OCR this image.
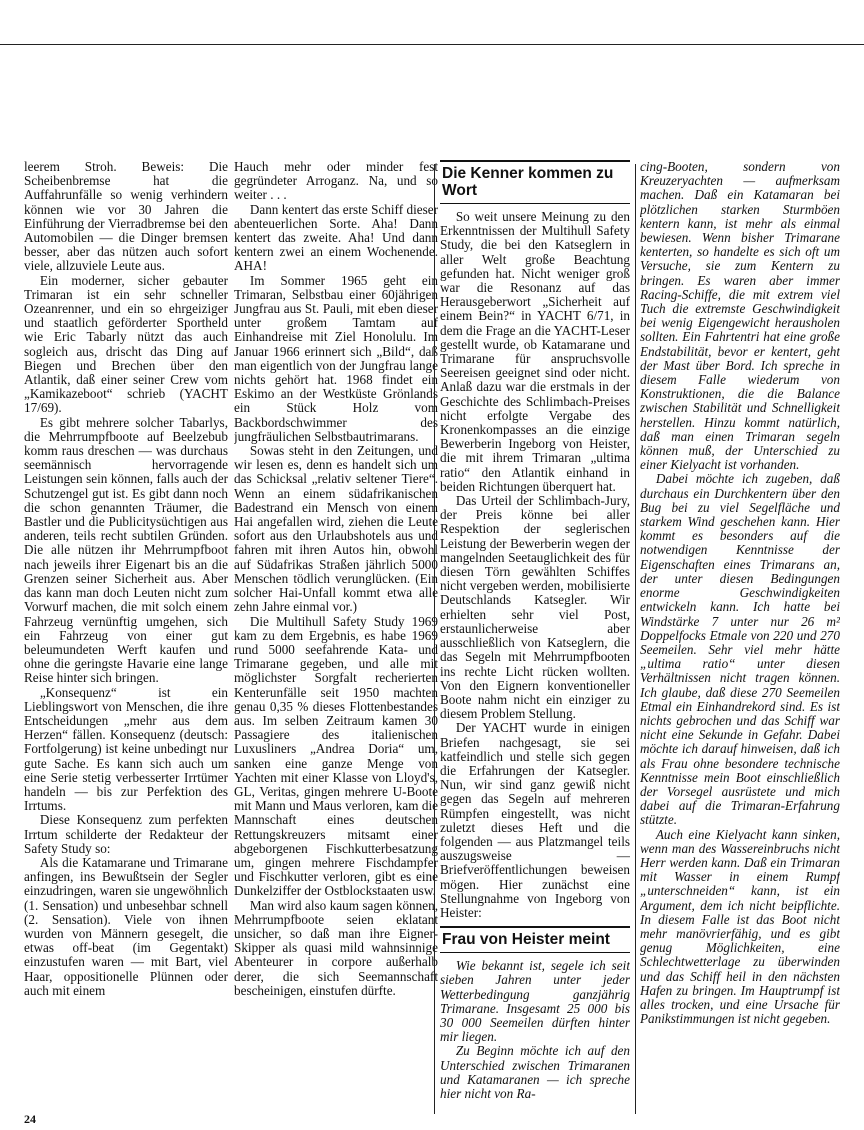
leerem Stroh. Beweis: Die Scheibenbremse hat die Auffahrunfälle so wenig verhindern können wie vor 30 Jahren die Einführung der Vierradbremse bei den Automobilen — die Dinger bremsen besser, aber das nützen auch sofort viele, allzuviele Leute aus.

Ein moderner, sicher gebauter Trimaran ist ein sehr schneller Ozeanrenner, und ein so ehrgeiziger und staatlich geförderter Sportheld wie Eric Tabarly nützt das auch sogleich aus, drischt das Ding auf Biegen und Brechen über den Atlantik, daß einer seiner Crew vom „Kamikazeboot“ schrieb (YACHT 17/69).

Es gibt mehrere solcher Tabarlys, die Mehrrumpfboote auf Beelzebub komm raus dreschen — was durchaus seemännisch hervorragende Leistungen sein können, falls auch der Schutzengel gut ist. Es gibt dann noch die schon genannten Träumer, die Bastler und die Publicitysüchtigen aus anderen, teils recht subtilen Gründen. Die alle nützen ihr Mehrrumpfboot nach jeweils ihrer Eigenart bis an die Grenzen seiner Sicherheit aus. Aber das kann man doch Leuten nicht zum Vorwurf machen, die mit solch einem Fahrzeug vernünftig umgehen, sich ein Fahrzeug von einer gut beleumundeten Werft kaufen und ohne die geringste Havarie eine lange Reise hinter sich bringen.

„Konsequenz“ ist ein Lieblingswort von Menschen, die ihre Entscheidungen „mehr aus dem Herzen“ fällen. Konsequenz (deutsch: Fortfolgerung) ist keine unbedingt nur gute Sache. Es kann sich auch um eine Serie stetig verbesserter Irrtümer handeln — bis zur Perfektion des Irrtums.

Diese Konsequenz zum perfekten Irrtum schilderte der Redakteur der Safety Study so:

Als die Katamarane und Trimarane anfingen, ins Bewußtsein der Segler einzudringen, waren sie ungewöhnlich (1. Sensation) und unbesehbar schnell (2. Sensation). Viele von ihnen wurden von Männern gesegelt, die etwas off-beat (im Gegentakt) einzustufen waren — mit Bart, viel Haar, oppositionelle Plünnen oder auch mit einem

Hauch mehr oder minder fest gegründeter Arroganz. Na, und so weiter . . .

Dann kentert das erste Schiff dieser abenteuerlichen Sorte. Aha! Dann kentert das zweite. Aha! Und dann kentern zwei an einem Wochenende. AHA!

Im Sommer 1965 geht ein Trimaran, Selbstbau einer 60jährigen Jungfrau aus St. Pauli, mit eben dieser unter großem Tamtam auf Einhandreise mit Ziel Honolulu. Im Januar 1966 erinnert sich „Bild“, daß man eigentlich von der Jungfrau lange nichts gehört hat. 1968 findet ein Eskimo an der Westküste Grönlands ein Stück Holz vom Backbordschwimmer des jungfräulichen Selbstbautrimarans.

Sowas steht in den Zeitungen, und wir lesen es, denn es handelt sich um das Schicksal „relativ seltener Tiere“. Wenn an einem südafrikanischen Badestrand ein Mensch von einem Hai angefallen wird, ziehen die Leute sofort aus den Urlaubshotels aus und fahren mit ihren Autos hin, obwohl auf Südafrikas Straßen jährlich 5000 Menschen tödlich verunglücken. (Ein solcher Hai-Unfall kommt etwa alle zehn Jahre einmal vor.)

Die Multihull Safety Study 1969 kam zu dem Ergebnis, es habe 1969 rund 5000 seefahrende Kata- und Trimarane gegeben, und alle mit möglichster Sorgfalt recherierten Kenterunfälle seit 1950 machten genau 0,35 % dieses Flottenbestandes aus. Im selben Zeitraum kamen 30 Passagiere des italienischen Luxusliners „Andrea Doria“ um, sanken eine ganze Menge von Yachten mit einer Klasse von Lloyd's, GL, Veritas, gingen mehrere U-Boote mit Mann und Maus verloren, kam die Mannschaft eines deutschen Rettungskreuzers mitsamt einer abgeborgenen Fischkutterbesatzung um, gingen mehrere Fischdampfer und Fischkutter verloren, gibt es eine Dunkelziffer der Ostblockstaaten usw.

Man wird also kaum sagen können, Mehrrumpfboote seien eklatant unsicher, so daß man ihre Eigner-Skipper als quasi mild wahnsinnige Abenteurer in corpore außerhalb derer, die sich Seemannschaft bescheinigen, einstufen dürfte.

Die Kenner kommen zu Wort

So weit unsere Meinung zu den Erkenntnissen der Multihull Safety Study, die bei den Katseglern in aller Welt große Beachtung gefunden hat. Nicht weniger groß war die Resonanz auf das Herausgeberwort „Sicherheit auf einem Bein?“ in YACHT 6/71, in dem die Frage an die YACHT-Leser gestellt wurde, ob Katamarane und Trimarane für anspruchsvolle Seereisen geeignet sind oder nicht. Anlaß dazu war die erstmals in der Geschichte des Schlimbach-Preises nicht erfolgte Vergabe des Kronenkompasses an die einzige Bewerberin Ingeborg von Heister, die mit ihrem Trimaran „ultima ratio“ den Atlantik einhand in beiden Richtungen überquert hat.

Das Urteil der Schlimbach-Jury, der Preis könne bei aller Respektion der seglerischen Leistung der Bewerberin wegen der mangelnden Seetauglichkeit des für diesen Törn gewählten Schiffes nicht vergeben werden, mobilisierte Deutschlands Katsegler. Wir erhielten sehr viel Post, erstaunlicherweise aber ausschließlich von Katseglern, die das Segeln mit Mehrrumpfbooten ins rechte Licht rücken wollten. Von den Eignern konventioneller Boote nahm nicht ein einziger zu diesem Problem Stellung.

Der YACHT wurde in einigen Briefen nachgesagt, sie sei katfeindlich und stelle sich gegen die Erfahrungen der Katsegler. Nun, wir sind ganz gewiß nicht gegen das Segeln auf mehreren Rümpfen eingestellt, was nicht zuletzt dieses Heft und die folgenden — aus Platzmangel teils auszugsweise — Briefveröffentlichungen beweisen mögen. Hier zunächst eine Stellungnahme von Ingeborg von Heister:

Frau von Heister meint

Wie bekannt ist, segele ich seit sieben Jahren unter jeder Wetterbedingung ganzjährig Trimarane. Insgesamt 25 000 bis 30 000 Seemeilen dürften hinter mir liegen.

Zu Beginn möchte ich auf den Unterschied zwischen Trimaranen und Katamaranen — ich spreche hier nicht von Ra-

cing-Booten, sondern von Kreuzeryachten — aufmerksam machen. Daß ein Katamaran bei plötzlichen starken Sturmböen kentern kann, ist mehr als einmal bewiesen. Wenn bisher Trimarane kenterten, so handelte es sich oft um Versuche, sie zum Kentern zu bringen. Es waren aber immer Racing-Schiffe, die mit extrem viel Tuch die extremste Geschwindigkeit bei wenig Eigengewicht herausholen sollten. Ein Fahrtentri hat eine große Endstabilität, bevor er kentert, geht der Mast über Bord. Ich spreche in diesem Falle wiederum von Konstruktionen, die die Balance zwischen Stabilität und Schnelligkeit herstellen. Hinzu kommt natürlich, daß man einen Trimaran segeln können muß, der Unterschied zu einer Kielyacht ist vorhanden.

Dabei möchte ich zugeben, daß durchaus ein Durchkentern über den Bug bei zu viel Segelfläche und starkem Wind geschehen kann. Hier kommt es besonders auf die notwendigen Kenntnisse der Eigenschaften eines Trimarans an, der unter diesen Bedingungen enorme Geschwindigkeiten entwickeln kann. Ich hatte bei Windstärke 7 unter nur 26 m² Doppelfocks Etmale von 220 und 270 Seemeilen. Sehr viel mehr hätte „ultima ratio“ unter diesen Verhältnissen nicht tragen können. Ich glaube, daß diese 270 Seemeilen Etmal ein Einhandrekord sind. Es ist nichts gebrochen und das Schiff war nicht eine Sekunde in Gefahr. Dabei möchte ich darauf hinweisen, daß ich als Frau ohne besondere technische Kenntnisse mein Boot einschließlich der Vorsegel ausrüstete und mich dabei auf die Trimaran-Erfahrung stützte.

Auch eine Kielyacht kann sinken, wenn man des Wassereinbruchs nicht Herr werden kann. Daß ein Trimaran mit Wasser in einem Rumpf „unterschneiden“ kann, ist ein Argument, dem ich nicht beipflichte. In diesem Falle ist das Boot nicht mehr manövrierfähig, und es gibt genug Möglichkeiten, eine Schlechtwetterlage zu überwinden und das Schiff heil in den nächsten Hafen zu bringen. Im Hauptrumpf ist alles trocken, und eine Ursache für Panikstimmungen ist nicht gegeben.

24
